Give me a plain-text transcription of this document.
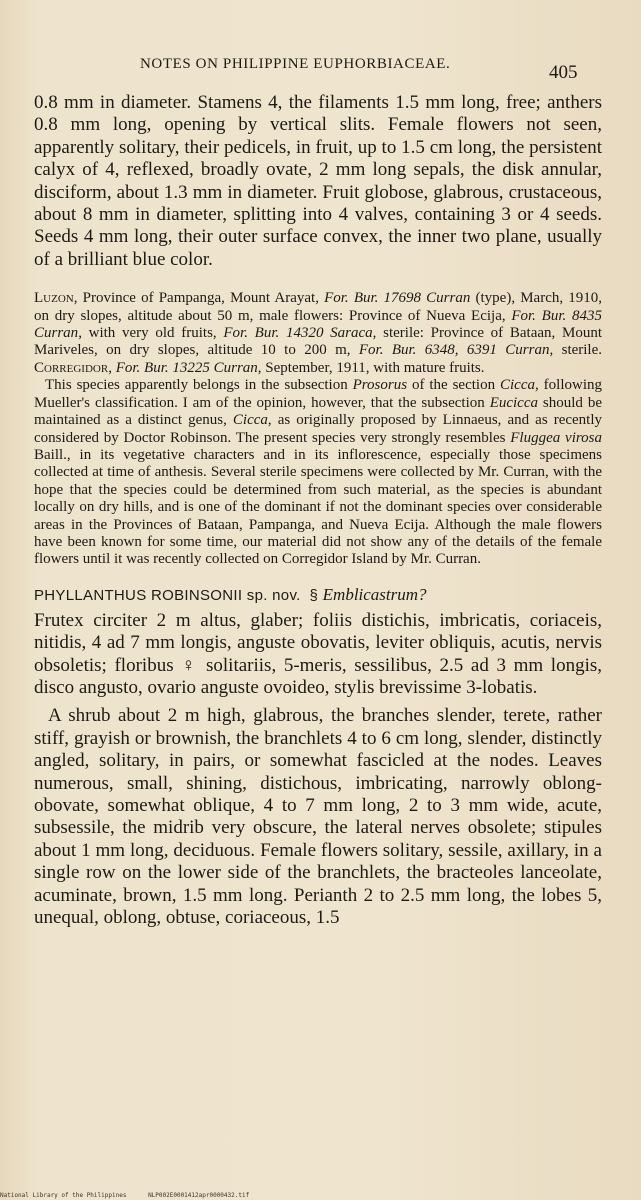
NOTES ON PHILIPPINE EUPHORBIACEAE.	405

0.8 mm in diameter. Stamens 4, the filaments 1.5 mm long, free; anthers 0.8 mm long, opening by vertical slits. Female flowers not seen, apparently solitary, their pedicels, in fruit, up to 1.5 cm long, the persistent calyx of 4, reflexed, broadly ovate, 2 mm long sepals, the disk annular, disciform, about 1.3 mm in diameter. Fruit globose, glabrous, crustaceous, about 8 mm in diameter, splitting into 4 valves, containing 3 or 4 seeds. Seeds 4 mm long, their outer surface convex, the inner two plane, usually of a brilliant blue color.

Luzon, Province of Pampanga, Mount Arayat, For. Bur. 17698 Curran (type), March, 1910, on dry slopes, altitude about 50 m, male flowers: Province of Nueva Ecija, For. Bur. 8435 Curran, with very old fruits, For. Bur. 14320 Saraca, sterile: Province of Bataan, Mount Mariveles, on dry slopes, altitude 10 to 200 m, For. Bur. 6348, 6391 Curran, sterile. Corregidor, For. Bur. 13225 Curran, September, 1911, with mature fruits.

This species apparently belongs in the subsection Prosorus of the section Cicca, following Mueller's classification. I am of the opinion, however, that the subsection Eucicca should be maintained as a distinct genus, Cicca, as originally proposed by Linnaeus, and as recently considered by Doctor Robinson. The present species very strongly resembles Fluggea virosa Baill., in its vegetative characters and in its inflorescence, especially those specimens collected at time of anthesis. Several sterile specimens were collected by Mr. Curran, with the hope that the species could be determined from such material, as the species is abundant locally on dry hills, and is one of the dominant if not the dominant species over considerable areas in the Provinces of Bataan, Pampanga, and Nueva Ecija. Although the male flowers have been known for some time, our material did not show any of the details of the female flowers until it was recently collected on Corregidor Island by Mr. Curran.

PHYLLANTHUS ROBINSONII sp. nov. § Emblicastrum?

Frutex circiter 2 m altus, glaber; foliis distichis, imbricatis, coriaceis, nitidis, 4 ad 7 mm longis, anguste obovatis, leviter obliquis, acutis, nervis obsoletis; floribus ♀ solitariis, 5-meris, sessilibus, 2.5 ad 3 mm longis, disco angusto, ovario anguste ovoideo, stylis brevissime 3-lobatis.

A shrub about 2 m high, glabrous, the branches slender, terete, rather stiff, grayish or brownish, the branchlets 4 to 6 cm long, slender, distinctly angled, solitary, in pairs, or somewhat fascicled at the nodes. Leaves numerous, small, shining, distichous, imbricating, narrowly oblong-obovate, somewhat oblique, 4 to 7 mm long, 2 to 3 mm wide, acute, subsessile, the midrib very obscure, the lateral nerves obsolete; stipules about 1 mm long, deciduous. Female flowers solitary, sessile, axillary, in a single row on the lower side of the branchlets, the bracteoles lanceolate, acuminate, brown, 1.5 mm long. Perianth 2 to 2.5 mm long, the lobes 5, unequal, oblong, obtuse, coriaceous, 1.5

National Library of the Philippines	NLP002E0001412apr0000432.tif
